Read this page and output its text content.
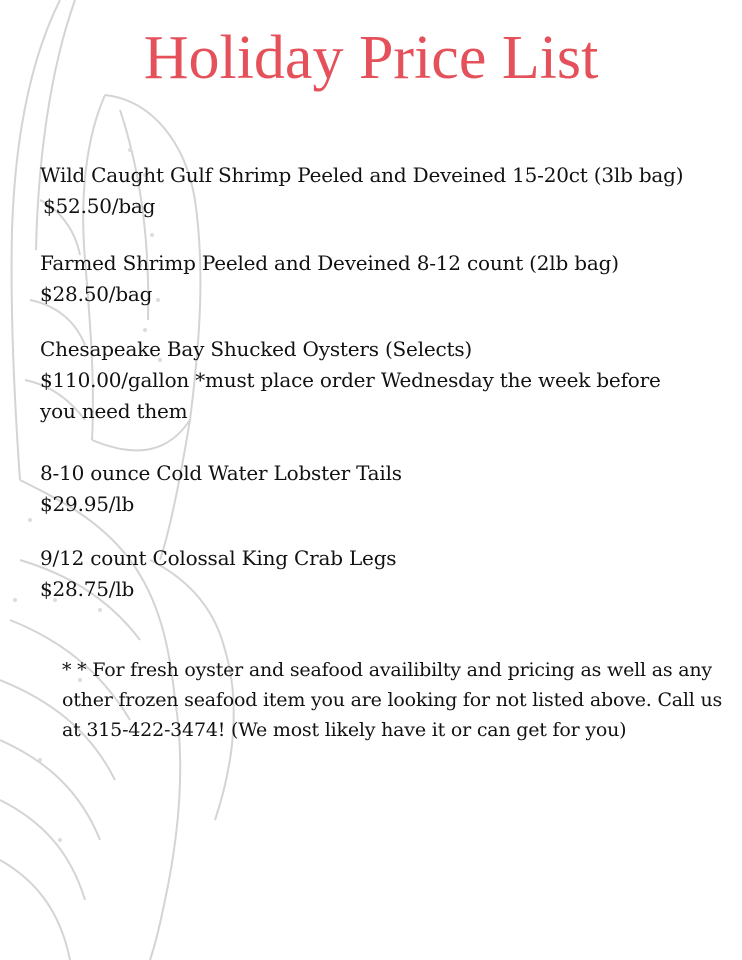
Holiday Price List
Wild Caught Gulf Shrimp Peeled and Deveined 15-20ct (3lb bag)
$52.50/bag
Farmed Shrimp Peeled and Deveined 8-12 count (2lb bag)
$28.50/bag
Chesapeake Bay Shucked Oysters (Selects)
$110.00/gallon *must place order Wednesday the week before
you need them
8-10 ounce Cold Water Lobster Tails
$29.95/lb
9/12 count Colossal King Crab Legs
$28.75/lb
* * For fresh oyster and seafood availibilty and pricing as well as any
other frozen seafood item you are looking for not listed above. Call us
at 315-422-3474! (We most likely have it or can get for you)
